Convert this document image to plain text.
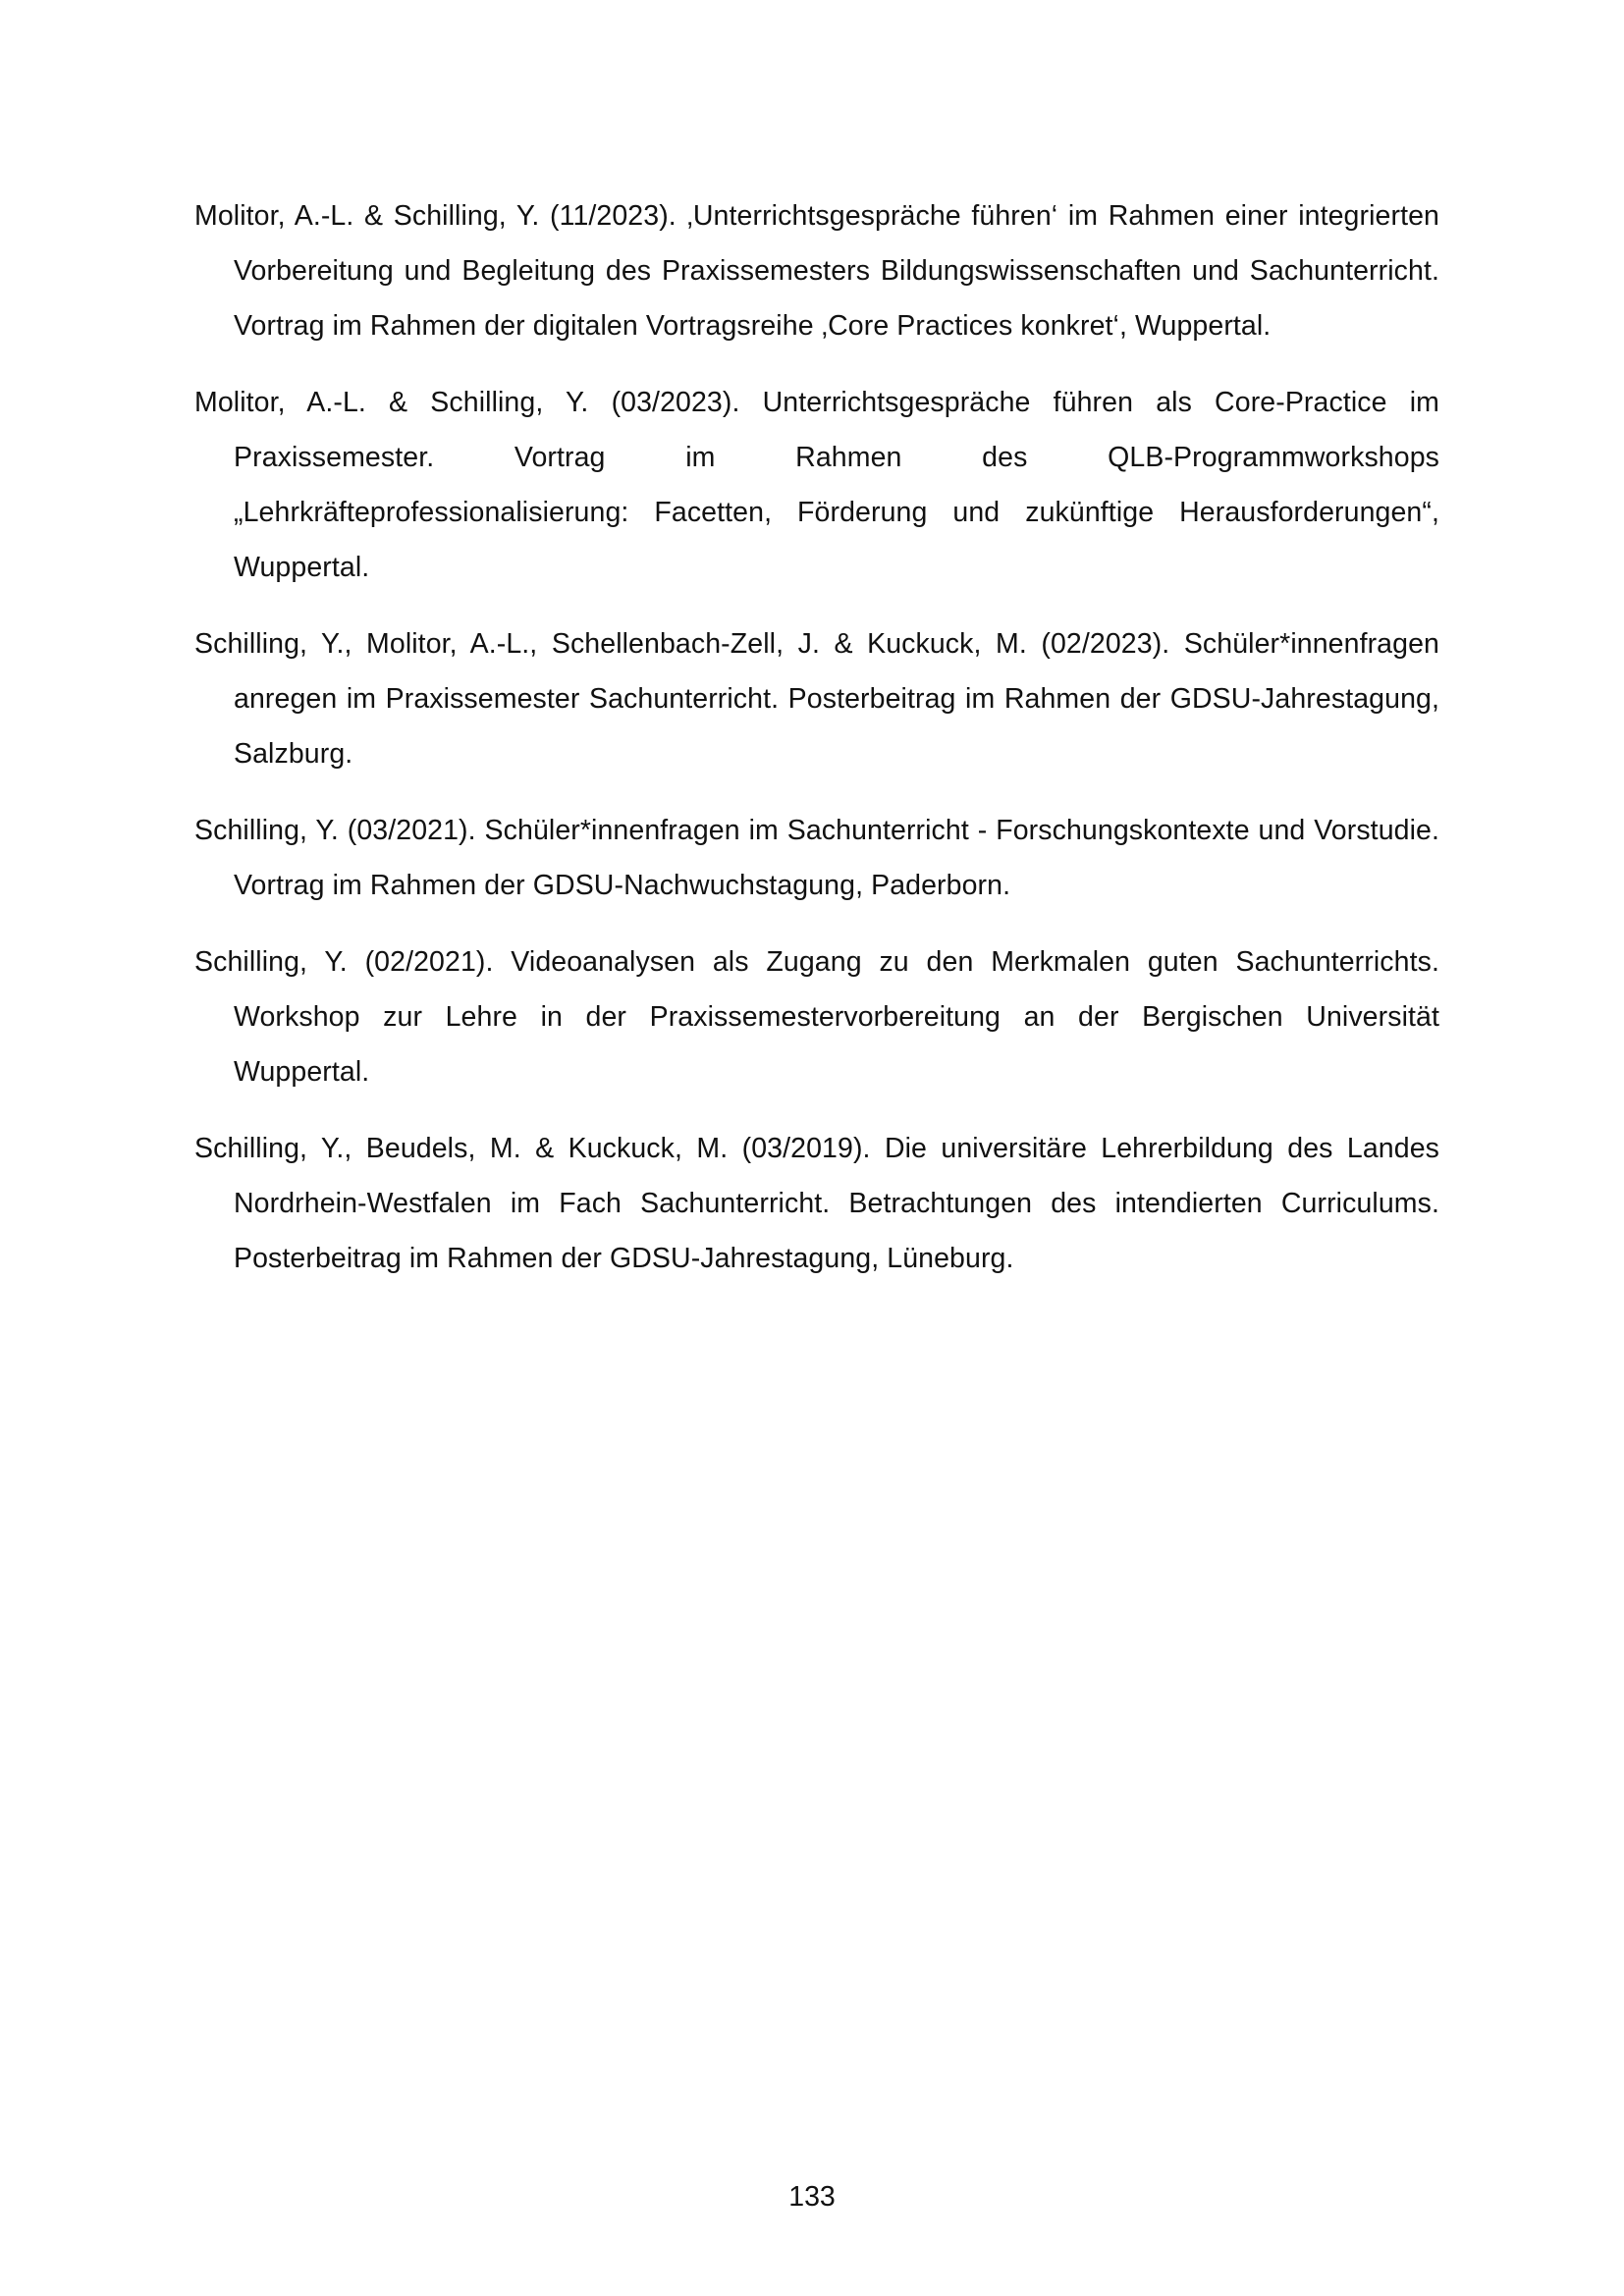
Molitor, A.-L. & Schilling, Y. (11/2023). ‚Unterrichtsgespräche führen‘ im Rahmen einer integrierten Vorbereitung und Begleitung des Praxissemesters Bildungswissenschaften und Sachunterricht. Vortrag im Rahmen der digitalen Vortragsreihe ‚Core Practices konkret‘, Wuppertal.

Molitor, A.-L. & Schilling, Y. (03/2023). Unterrichtsgespräche führen als Core-Practice im Praxissemester. Vortrag im Rahmen des QLB-Programmworkshops „Lehrkräfteprofessionalisierung: Facetten, Förderung und zukünftige Herausforderungen“, Wuppertal.

Schilling, Y., Molitor, A.-L., Schellenbach-Zell, J. & Kuckuck, M. (02/2023). Schüler*innenfragen anregen im Praxissemester Sachunterricht. Posterbeitrag im Rahmen der GDSU-Jahrestagung, Salzburg.

Schilling, Y. (03/2021). Schüler*innenfragen im Sachunterricht - Forschungskontexte und Vorstudie. Vortrag im Rahmen der GDSU-Nachwuchstagung, Paderborn.

Schilling, Y. (02/2021). Videoanalysen als Zugang zu den Merkmalen guten Sachunterrichts. Workshop zur Lehre in der Praxissemestervorbereitung an der Bergischen Universität Wuppertal.

Schilling, Y., Beudels, M. & Kuckuck, M. (03/2019). Die universitäre Lehrerbildung des Landes Nordrhein-Westfalen im Fach Sachunterricht. Betrachtungen des intendierten Curriculums. Posterbeitrag im Rahmen der GDSU-Jahrestagung, Lüneburg.

133
